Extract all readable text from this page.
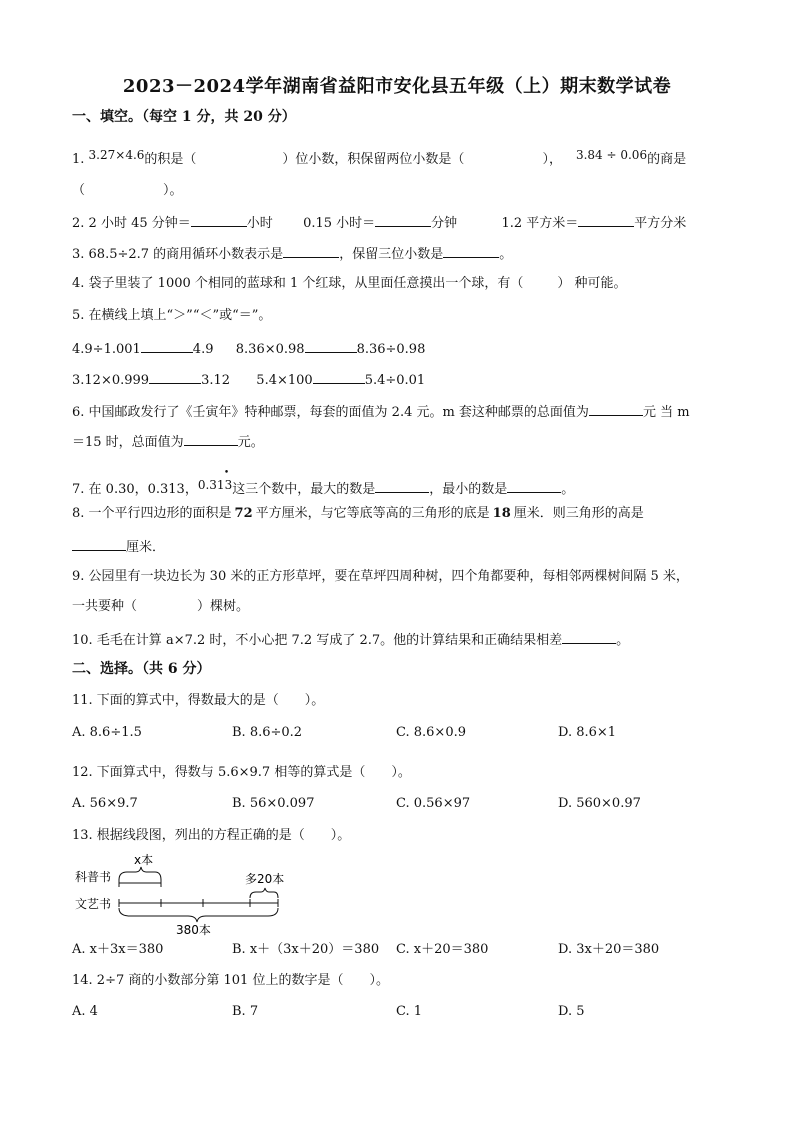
2023－2024学年湖南省益阳市安化县五年级（上）期末数学试卷
一、填空。（每空 1 分，共 20 分）
1. 3.27×4.6的积是（	）位小数，积保留两位小数是（	）， 3.84 ÷ 0.06的商是
（	）。
2. 2 小时 45 分钟＝	小时 0.15 小时＝	分钟	1.2 平方米＝	平方分米
3. 68.5÷2.7 的商用循环小数表示是	，保留三位小数是	。
4. 袋子里装了 1000 个相同的蓝球和 1 个红球，从里面任意摸出一个球，有（	） 种可能。
5. 在横线上填上“＞”“＜”或“＝”。
4.9÷1.001	4.9 8.36×0.98	8.36÷0.98
3.12×0.999	3.12 5.4×100	5.4÷0.01
6. 中国邮政发行了《壬寅年》特种邮票，每套的面值为 2.4 元。m 套这种邮票的总面值为	元 当 m
＝15 时，总面值为	元。
7. 在 0.30，0.313，0.313
•
这三个数中，最大的数是	，最小的数是	。
8. 一个平行四边形的面积是 72 平方厘米，与它等底等高的三角形的底是 18 厘米．则三角形的高是
厘米．
9. 公园里有一块边长为 30 米的正方形草坪，要在草坪四周种树，四个角都要种，每相邻两棵树间隔 5 米，
一共要种（	）棵树。
10. 毛毛在计算 a×7.2 时，不小心把 7.2 写成了 2.7。他的计算结果和正确结果相差	。
二、选择。（共 6 分）
11. 下面的算式中，得数最大的是（　　）。
A. 8.6÷1.5	B. 8.6÷0.2	C. 8.6×0.9	D. 8.6×1
12. 下面算式中，得数与 5.6×9.7 相等的算式是（　　）。
A. 56×9.7	B. 56×0.097	C. 0.56×97	D. 560×0.97
13. 根据线段图，列出的方程正确的是（　　）。
x本
科普书	多20本
文艺书
380本
A. x＋3x＝380	B. x＋（3x＋20）＝380 C. x＋20＝380	D. 3x＋20＝380
14. 2÷7 商的小数部分第 101 位上的数字是（　　）。
A. 4	B. 7	C. 1	D. 5
